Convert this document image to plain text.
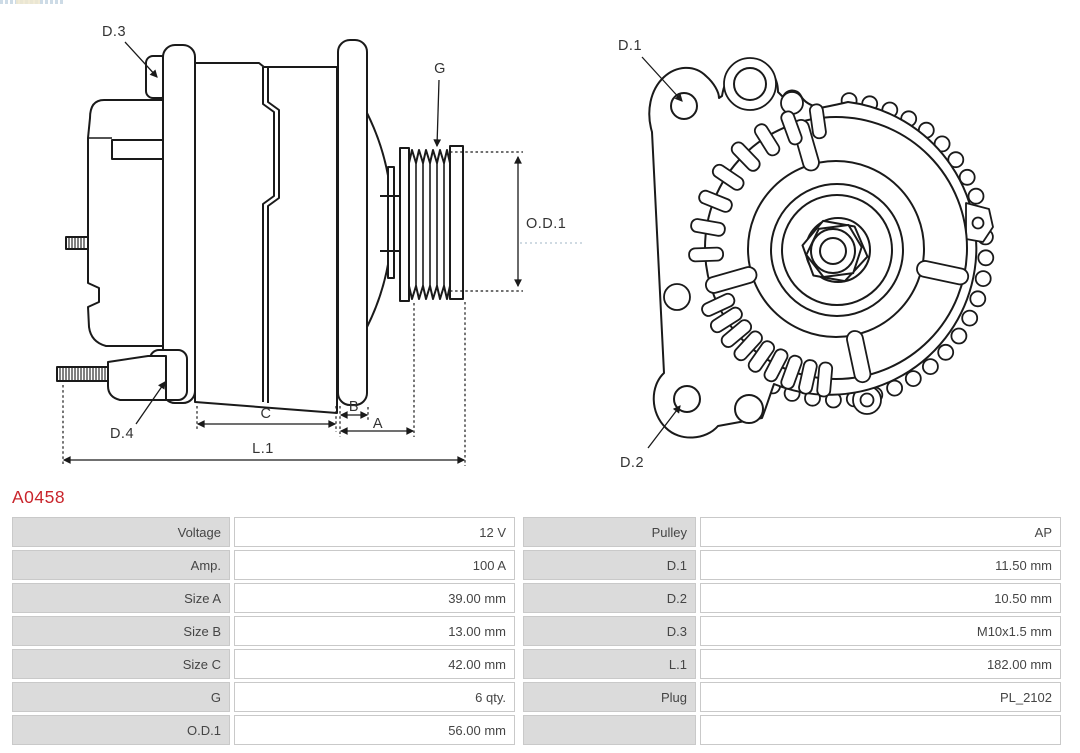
D.3
G
O.D.1
D.4
C	B
A
L.1
D.1
D.2
A0458
Voltage	12 V	Pulley	AP
Amp.	100 A	D.1	11.50 mm
Size A	39.00 mm	D.2	10.50 mm
Size B	13.00 mm	D.3	M10x1.5 mm
Size C	42.00 mm	L.1	182.00 mm
G	6 qty.	Plug	PL_2102
O.D.1	56.00 mm
